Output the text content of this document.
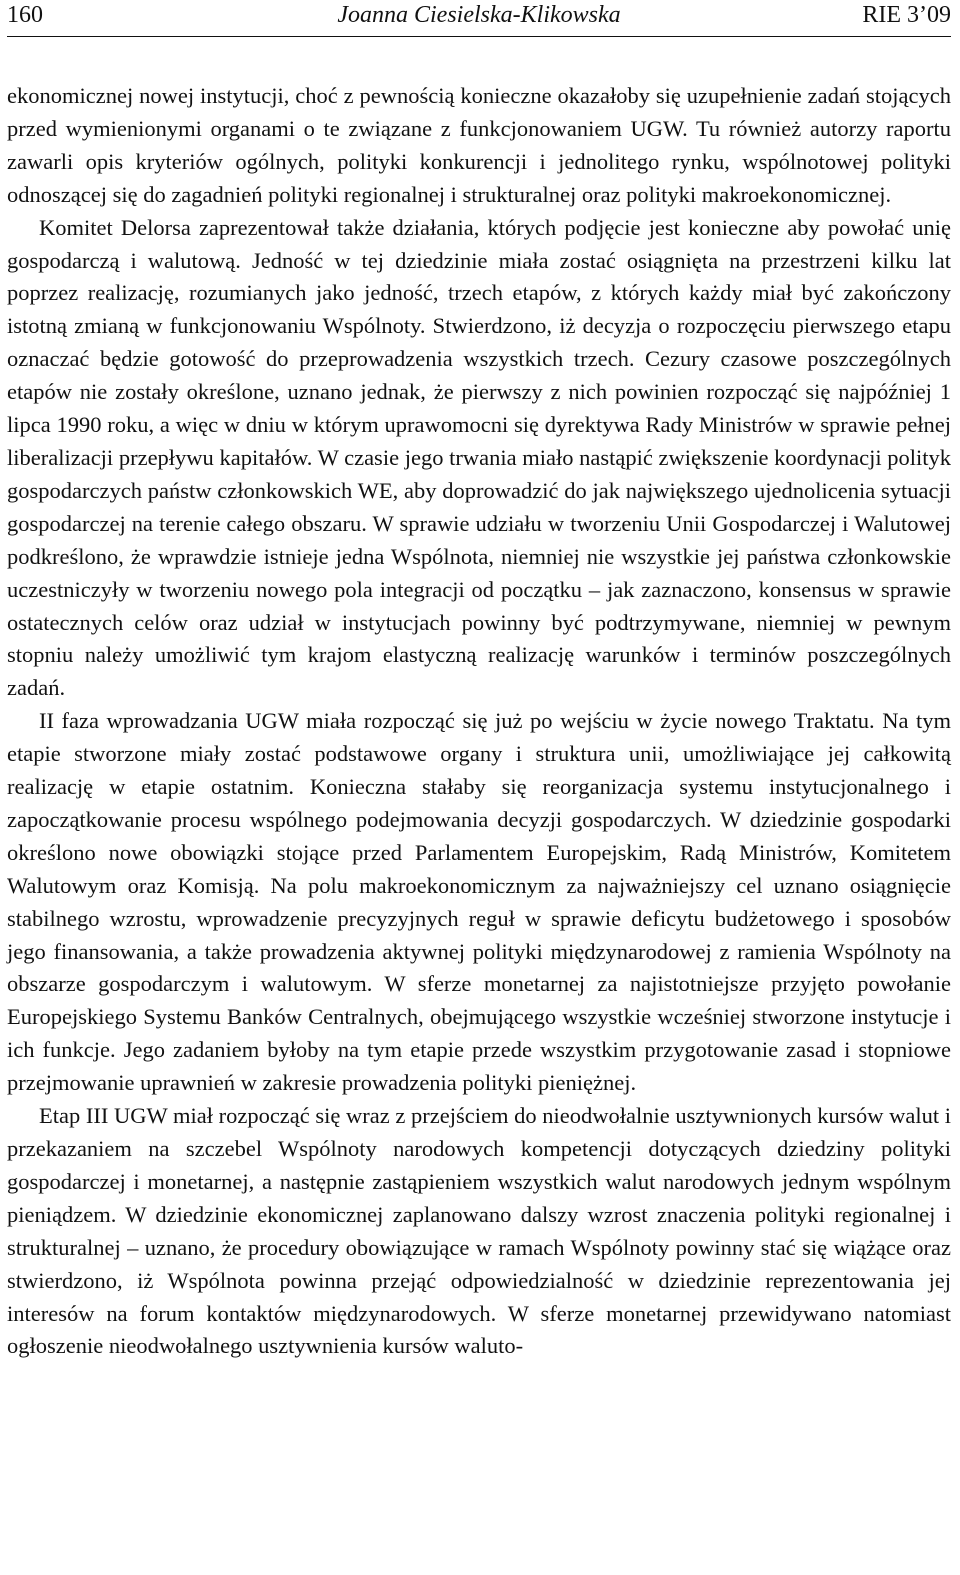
160	Joanna Ciesielska-Klikowska	RIE 3’09

ekonomicznej nowej instytucji, choć z pewnością konieczne okazałoby się uzupełnienie zadań stojących przed wymienionymi organami o te związane z funkcjonowaniem UGW. Tu również autorzy raportu zawarli opis kryteriów ogólnych, polityki konkurencji i jednolitego rynku, wspólnotowej polityki odnoszącej się do zagadnień polityki regionalnej i strukturalnej oraz polityki makroekonomicznej.

Komitet Delorsa zaprezentował także działania, których podjęcie jest konieczne aby powołać unię gospodarczą i walutową. Jedność w tej dziedzinie miała zostać osiągnięta na przestrzeni kilku lat poprzez realizację, rozumianych jako jedność, trzech etapów, z których każdy miał być zakończony istotną zmianą w funkcjonowaniu Wspólnoty. Stwierdzono, iż decyzja o rozpoczęciu pierwszego etapu oznaczać będzie gotowość do przeprowadzenia wszystkich trzech. Cezury czasowe poszczególnych etapów nie zostały określone, uznano jednak, że pierwszy z nich powinien rozpocząć się najpóźniej 1 lipca 1990 roku, a więc w dniu w którym uprawomocni się dyrektywa Rady Ministrów w sprawie pełnej liberalizacji przepływu kapitałów. W czasie jego trwania miało nastąpić zwiększenie koordynacji polityk gospodarczych państw członkowskich WE, aby doprowadzić do jak największego ujednolicenia sytuacji gospodarczej na terenie całego obszaru. W sprawie udziału w tworzeniu Unii Gospodarczej i Walutowej podkreślono, że wprawdzie istnieje jedna Wspólnota, niemniej nie wszystkie jej państwa członkowskie uczestniczyły w tworzeniu nowego pola integracji od początku – jak zaznaczono, konsensus w sprawie ostatecznych celów oraz udział w instytucjach powinny być podtrzymywane, niemniej w pewnym stopniu należy umożliwić tym krajom elastyczną realizację warunków i terminów poszczególnych zadań.

II faza wprowadzania UGW miała rozpocząć się już po wejściu w życie nowego Traktatu. Na tym etapie stworzone miały zostać podstawowe organy i struktura unii, umożliwiające jej całkowitą realizację w etapie ostatnim. Konieczna stałaby się reorganizacja systemu instytucjonalnego i zapoczątkowanie procesu wspólnego podejmowania decyzji gospodarczych. W dziedzinie gospodarki określono nowe obowiązki stojące przed Parlamentem Europejskim, Radą Ministrów, Komitetem Walutowym oraz Komisją. Na polu makroekonomicznym za najważniejszy cel uznano osiągnięcie stabilnego wzrostu, wprowadzenie precyzyjnych reguł w sprawie deficytu budżetowego i sposobów jego finansowania, a także prowadzenia aktywnej polityki międzynarodowej z ramienia Wspólnoty na obszarze gospodarczym i walutowym. W sferze monetarnej za najistotniejsze przyjęto powołanie Europejskiego Systemu Banków Centralnych, obejmującego wszystkie wcześniej stworzone instytucje i ich funkcje. Jego zadaniem byłoby na tym etapie przede wszystkim przygotowanie zasad i stopniowe przejmowanie uprawnień w zakresie prowadzenia polityki pieniężnej.

Etap III UGW miał rozpocząć się wraz z przejściem do nieodwołalnie usztywnionych kursów walut i przekazaniem na szczebel Wspólnoty narodowych kompetencji dotyczących dziedziny polityki gospodarczej i monetarnej, a następnie zastąpieniem wszystkich walut narodowych jednym wspólnym pieniądzem. W dziedzinie ekonomicznej zaplanowano dalszy wzrost znaczenia polityki regionalnej i strukturalnej – uznano, że procedury obowiązujące w ramach Wspólnoty powinny stać się wiążące oraz stwierdzono, iż Wspólnota powinna przejąć odpowiedzialność w dziedzinie reprezentowania jej interesów na forum kontaktów międzynarodowych. W sferze monetarnej przewidywano natomiast ogłoszenie nieodwołalnego usztywnienia kursów waluto-
